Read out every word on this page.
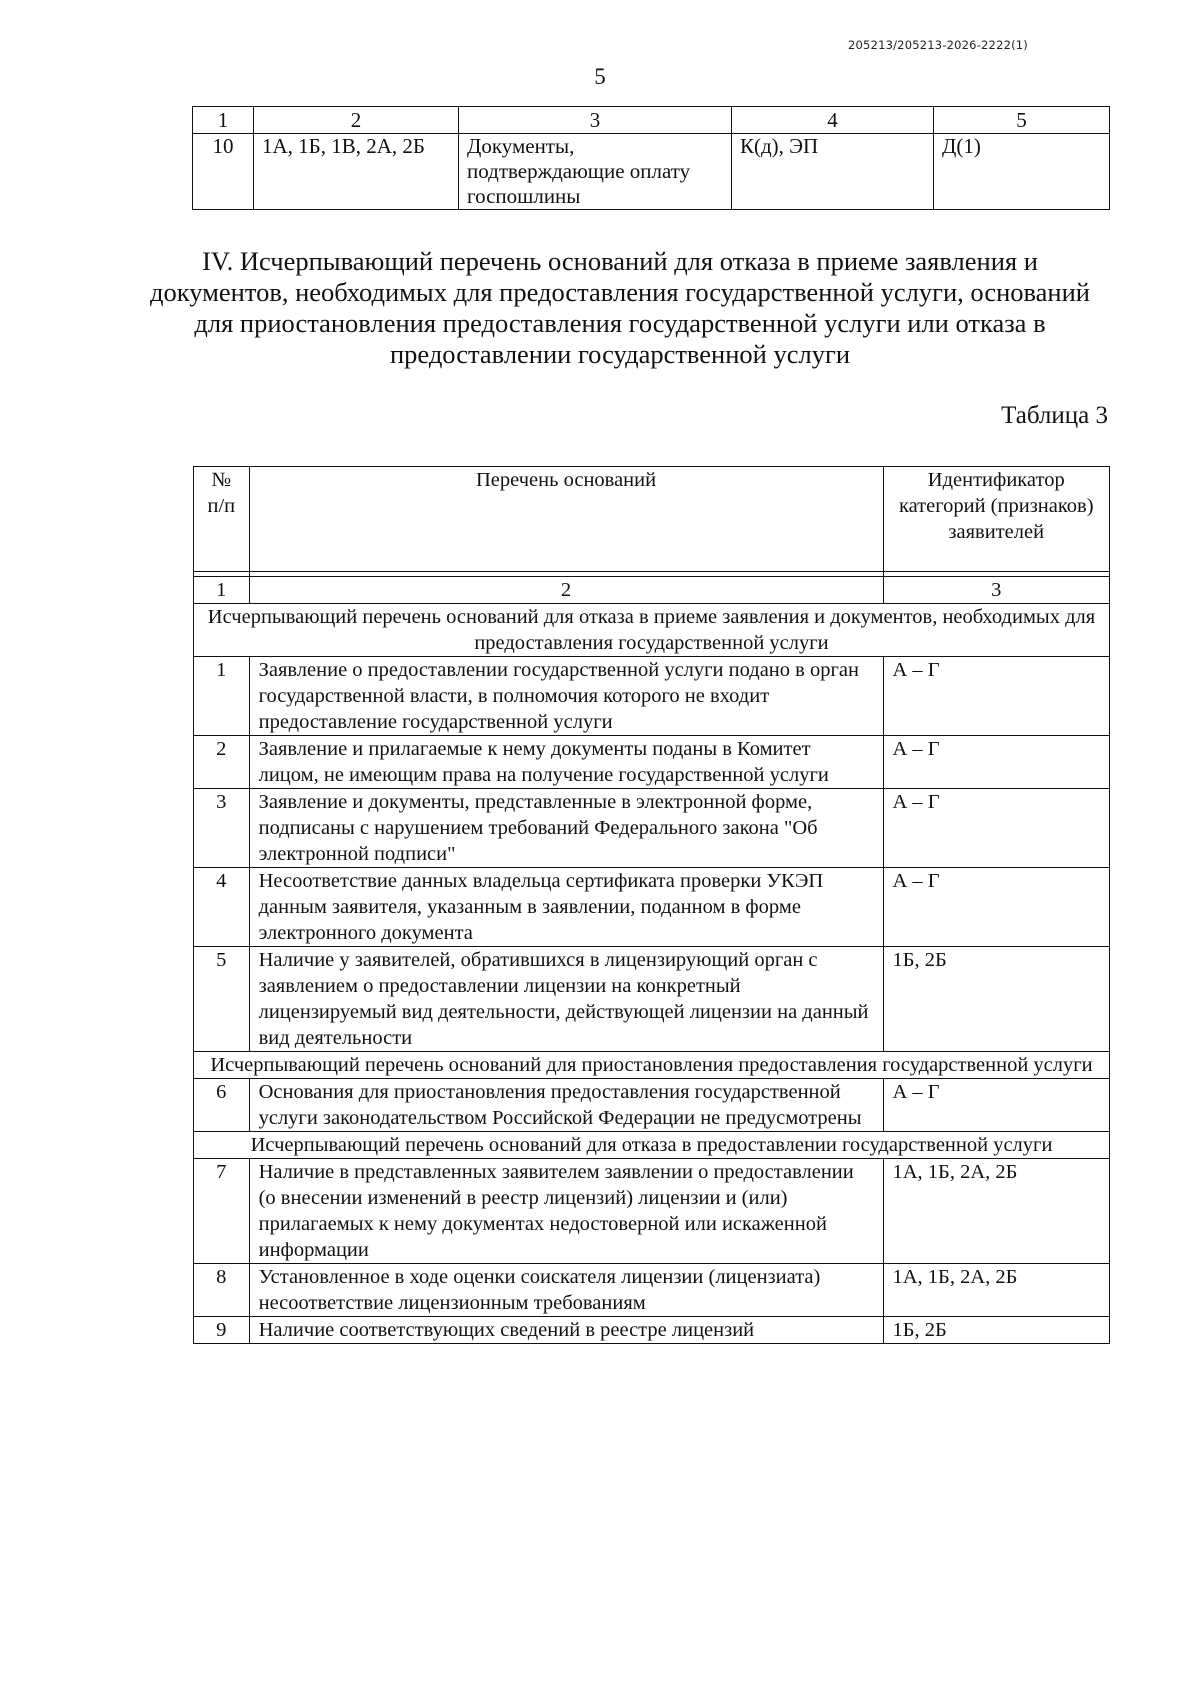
205213/205213-2026-2222(1)
5
1	2	3	4	5
10	1А, 1Б, 1В, 2А, 2Б	Документы, подтверждающие оплату госпошлины	К(д), ЭП	Д(1)
IV. Исчерпывающий перечень оснований для отказа в приеме заявления и документов, необходимых для предоставления государственной услуги, оснований для приостановления предоставления государственной услуги или отказа в предоставлении государственной услуги
Таблица 3
№ п/п	Перечень оснований	Идентификатор категорий (признаков) заявителей

1	2	3
Исчерпывающий перечень оснований для отказа в приеме заявления и документов, необходимых для предоставления государственной услуги		
1	Заявление о предоставлении государственной услуги подано в орган государственной власти, в полномочия которого не входит предоставление государственной услуги	А – Г
2	Заявление и прилагаемые к нему документы поданы в Комитет лицом, не имеющим права на получение государственной услуги	А – Г
3	Заявление и документы, представленные в электронной форме, подписаны с нарушением требований Федерального закона "Об электронной подписи"	А – Г
4	Несоответствие данных владельца сертификата проверки УКЭП данным заявителя, указанным в заявлении, поданном в форме электронного документа	А – Г
5	Наличие у заявителей, обратившихся в лицензирующий орган с заявлением о предоставлении лицензии на конкретный лицензируемый вид деятельности, действующей лицензии на данный вид деятельности	1Б, 2Б
Исчерпывающий перечень оснований для приостановления предоставления государственной услуги		
6	Основания для приостановления предоставления государственной услуги законодательством Российской Федерации не предусмотрены	А – Г
Исчерпывающий перечень оснований для отказа в предоставлении государственной услуги		
7	Наличие в представленных заявителем заявлении о предоставлении (о внесении изменений в реестр лицензий) лицензии и (или) прилагаемых к нему документах недостоверной или искаженной информации	1А, 1Б, 2А, 2Б
8	Установленное в ходе оценки соискателя лицензии (лицензиата) несоответствие лицензионным требованиям	1А, 1Б, 2А, 2Б
9	Наличие соответствующих сведений в реестре лицензий	1Б, 2Б
